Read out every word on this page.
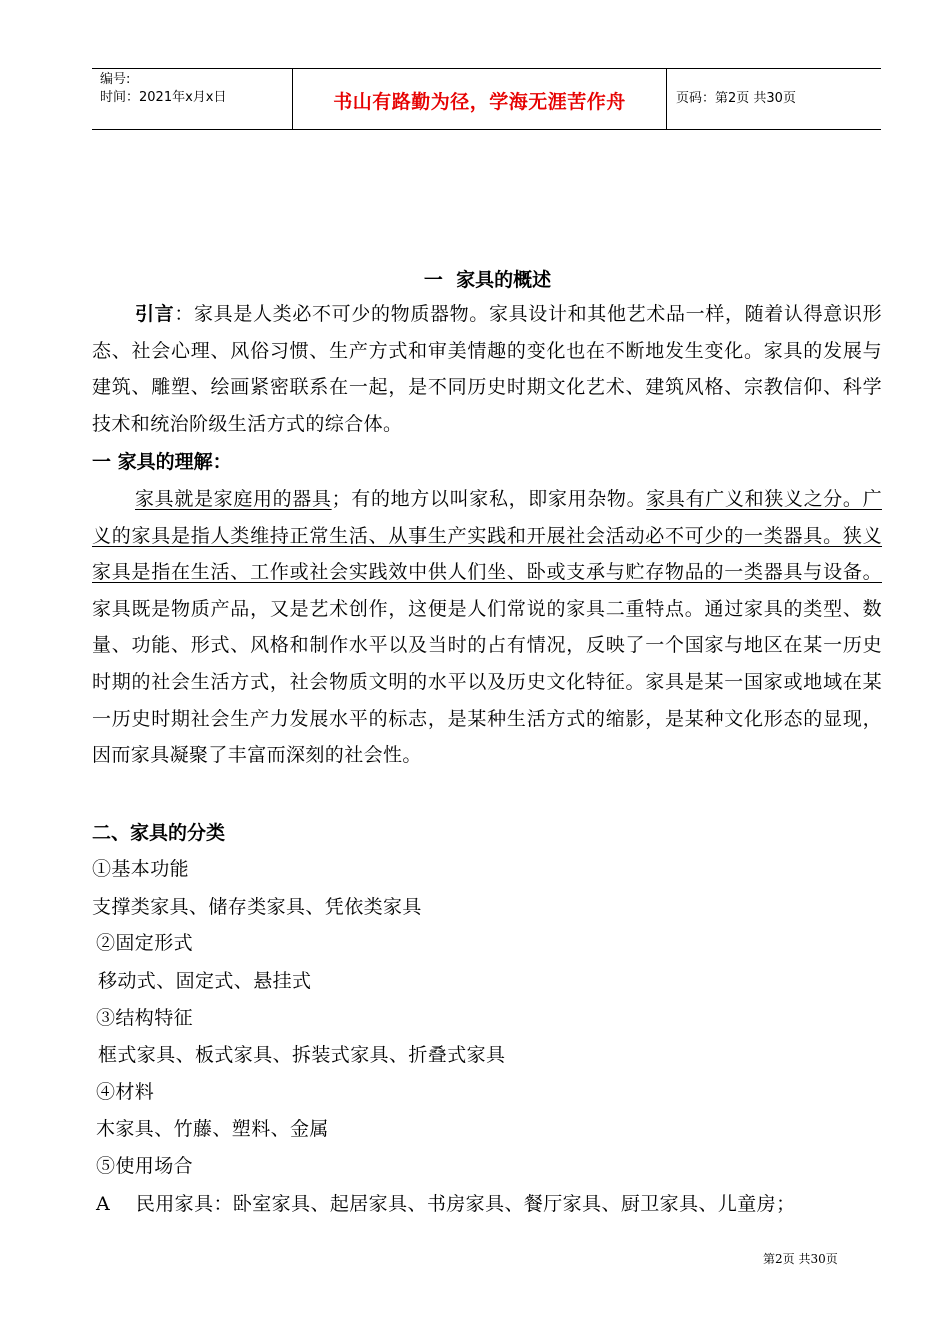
编号:
时间：2021年x月x日	书山有路勤为径，学海无涯苦作舟	页码：第2页 共30页
一  家具的概述
引言：家具是人类必不可少的物质器物。家具设计和其他艺术品一样，随着认得意识形态、社会心理、风俗习惯、生产方式和审美情趣的变化也在不断地发生变化。家具的发展与建筑、雕塑、绘画紧密联系在一起，是不同历史时期文化艺术、建筑风格、宗教信仰、科学技术和统治阶级生活方式的综合体。
一 家具的理解：
家具就是家庭用的器具；有的地方以叫家私，即家用杂物。家具有广义和狭义之分。广义的家具是指人类维持正常生活、从事生产实践和开展社会活动必不可少的一类器具。狭义家具是指在生活、工作或社会实践效中供人们坐、卧或支承与贮存物品的一类器具与设备。家具既是物质产品，又是艺术创作，这便是人们常说的家具二重特点。通过家具的类型、数量、功能、形式、风格和制作水平以及当时的占有情况，反映了一个国家与地区在某一历史时期的社会生活方式，社会物质文明的水平以及历史文化特征。家具是某一国家或地域在某一历史时期社会生产力发展水平的标志，是某种生活方式的缩影，是某种文化形态的显现，因而家具凝聚了丰富而深刻的社会性。
二、家具的分类
①基本功能
支撑类家具、储存类家具、凭依类家具
②固定形式
移动式、固定式、悬挂式
③结构特征
框式家具、板式家具、拆装式家具、折叠式家具
④材料
木家具、竹藤、塑料、金属
⑤使用场合
A    民用家具：卧室家具、起居家具、书房家具、餐厅家具、厨卫家具、儿童房；
第2页 共30页
